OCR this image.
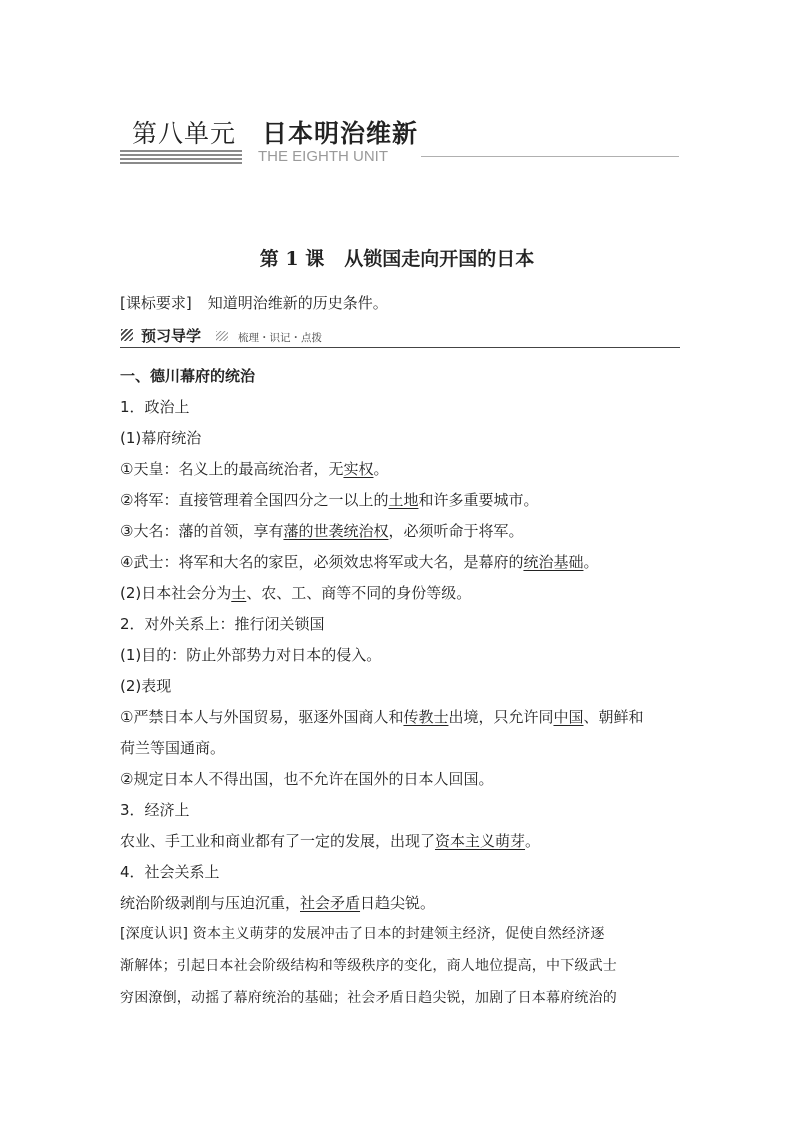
第八单元 日本明治维新
THE EIGHTH UNIT
第 1 课 从锁国走向开国的日本
[课标要求] 知道明治维新的历史条件。
预习导学	梳理・识记・点拨
一、德川幕府的统治
1．政治上
(1)幕府统治
①天皇：名义上的最高统治者，无实权。
②将军：直接管理着全国四分之一以上的土地和许多重要城市。
③大名：藩的首领，享有藩的世袭统治权，必须听命于将军。
④武士：将军和大名的家臣，必须效忠将军或大名，是幕府的统治基础。
(2)日本社会分为士、农、工、商等不同的身份等级。
2．对外关系上：推行闭关锁国
(1)目的：防止外部势力对日本的侵入。
(2)表现
①严禁日本人与外国贸易，驱逐外国商人和传教士出境，只允许同中国、朝鲜和
荷兰等国通商。
②规定日本人不得出国，也不允许在国外的日本人回国。
3．经济上
农业、手工业和商业都有了一定的发展，出现了资本主义萌芽。
4．社会关系上
统治阶级剥削与压迫沉重，社会矛盾日趋尖锐。
[深度认识] 资本主义萌芽的发展冲击了日本的封建领主经济，促使自然经济逐
渐解体；引起日本社会阶级结构和等级秩序的变化，商人地位提高，中下级武士
穷困潦倒，动摇了幕府统治的基础；社会矛盾日趋尖锐，加剧了日本幕府统治的
